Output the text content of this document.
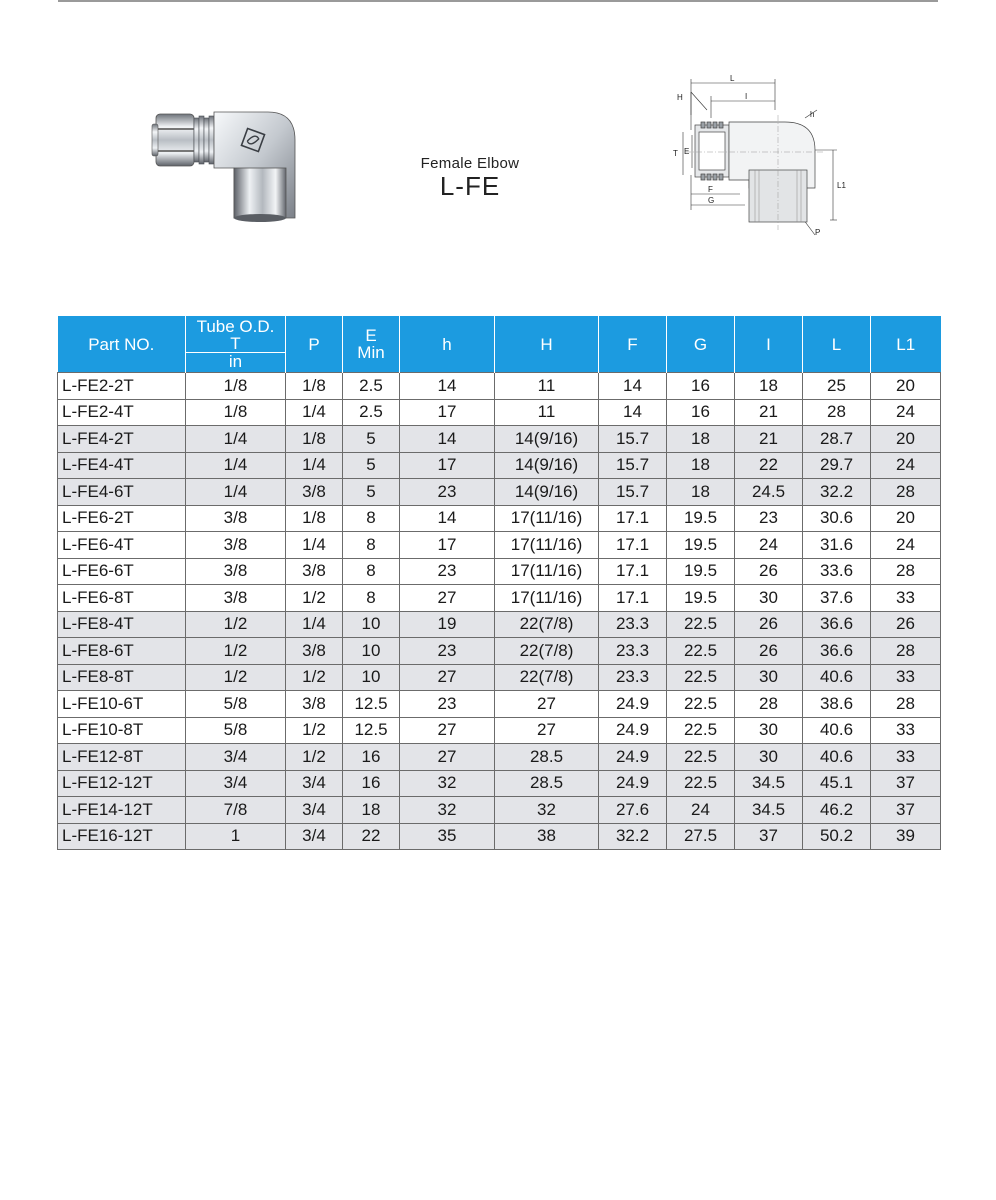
Female Elbow
L-FE
L
I
H
h
T E
F
G
L1
P
Part NO.	Tube O.D.
T
in	P	E
Min	h	H	F	G	I	L	L1
L-FE2-2T	1/8	1/8	2.5	14	11	14	16	18	25	20
L-FE2-4T	1/8	1/4	2.5	17	11	14	16	21	28	24
L-FE4-2T	1/4	1/8	5	14	14(9/16)	15.7	18	21	28.7	20
L-FE4-4T	1/4	1/4	5	17	14(9/16)	15.7	18	22	29.7	24
L-FE4-6T	1/4	3/8	5	23	14(9/16)	15.7	18	24.5	32.2	28
L-FE6-2T	3/8	1/8	8	14	17(11/16)	17.1	19.5	23	30.6	20
L-FE6-4T	3/8	1/4	8	17	17(11/16)	17.1	19.5	24	31.6	24
L-FE6-6T	3/8	3/8	8	23	17(11/16)	17.1	19.5	26	33.6	28
L-FE6-8T	3/8	1/2	8	27	17(11/16)	17.1	19.5	30	37.6	33
L-FE8-4T	1/2	1/4	10	19	22(7/8)	23.3	22.5	26	36.6	26
L-FE8-6T	1/2	3/8	10	23	22(7/8)	23.3	22.5	26	36.6	28
L-FE8-8T	1/2	1/2	10	27	22(7/8)	23.3	22.5	30	40.6	33
L-FE10-6T	5/8	3/8	12.5	23	27	24.9	22.5	28	38.6	28
L-FE10-8T	5/8	1/2	12.5	27	27	24.9	22.5	30	40.6	33
L-FE12-8T	3/4	1/2	16	27	28.5	24.9	22.5	30	40.6	33
L-FE12-12T	3/4	3/4	16	32	28.5	24.9	22.5	34.5	45.1	37
L-FE14-12T	7/8	3/4	18	32	32	27.6	24	34.5	46.2	37
L-FE16-12T	1	3/4	22	35	38	32.2	27.5	37	50.2	39
